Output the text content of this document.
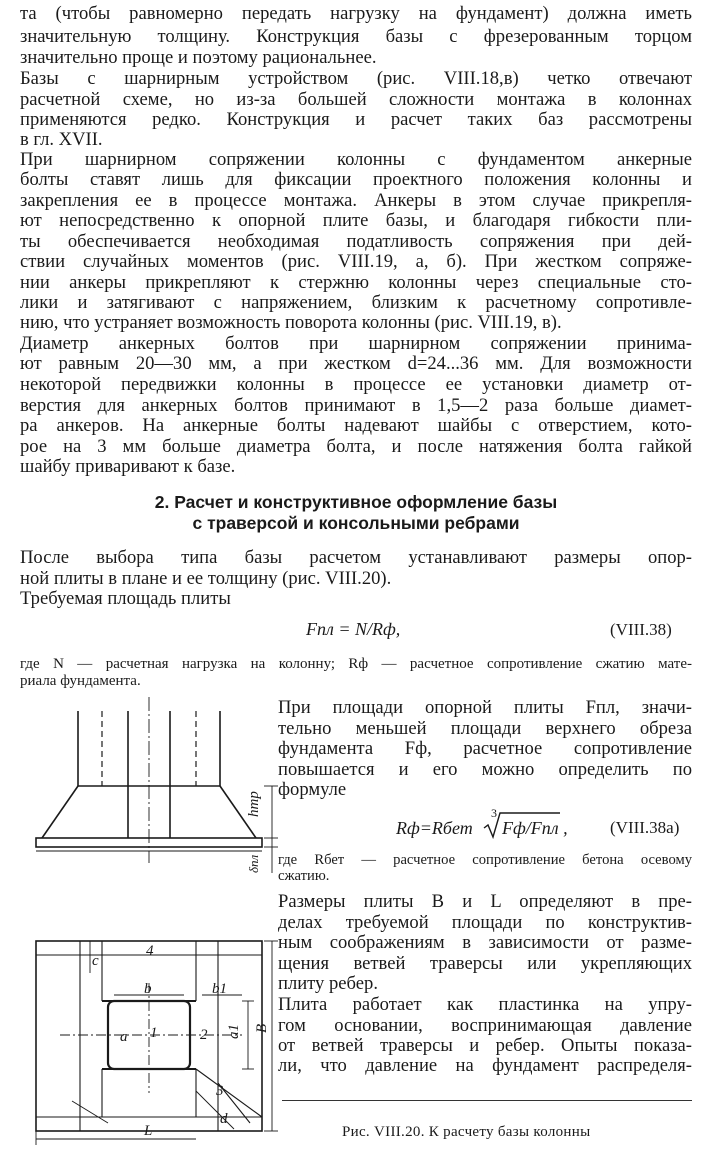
та (чтобы равномерно передать нагрузку на фундамент) должна иметь
значительную толщину. Конструкция базы с фрезерованным торцом
значительно проще и поэтому рациональнее.
Базы с шарнирным устройством (рис. VIII.18,в) четко отвечают
расчетной схеме, но из-за большей сложности монтажа в колоннах
применяются редко. Конструкция и расчет таких баз рассмотрены
в гл. XVII.
При шарнирном сопряжении колонны с фундаментом анкерные
болты ставят лишь для фиксации проектного положения колонны и
закрепления ее в процессе монтажа. Анкеры в этом случае прикрепля-
ют непосредственно к опорной плите базы, и благодаря гибкости пли-
ты обеспечивается необходимая податливость сопряжения при дей-
ствии случайных моментов (рис. VIII.19, а, б). При жестком сопряже-
нии анкеры прикрепляют к стержню колонны через специальные сто-
лики и затягивают с напряжением, близким к расчетному сопротивле-
нию, что устраняет возможность поворота колонны (рис. VIII.19, в).
Диаметр анкерных болтов при шарнирном сопряжении принима-
ют равным 20—30 мм, а при жестком d=24...36 мм. Для возможности
некоторой передвижки колонны в процессе ее установки диаметр от-
верстия для анкерных болтов принимают в 1,5—2 раза больше диамет-
ра анкеров. На анкерные болты надевают шайбы с отверстием, кото-
рое на 3 мм больше диаметра болта, и после натяжения болта гайкой
шайбу приваривают к базе.
2. Расчет и конструктивное оформление базы
с траверсой и консольными ребрами
После выбора типа базы расчетом устанавливают размеры опор-
ной плиты в плане и ее толщину (рис. VIII.20).
Требуемая площадь плиты
Fпл = N/Rф,	(VIII.38)
где N — расчетная нагрузка на колонну; Rф — расчетное сопротивление сжатию мате-
риала фундамента.
При площади опорной плиты Fпл, значи-
тельно меньшей площади верхнего обреза
фундамента Fф, расчетное сопротивление
повышается и его можно определить по
формуле
Rф=Rбет
3
Fф/Fпл , (VIII.38а)
где Rбет — расчетное сопротивление бетона осевому
сжатию.
Размеры плиты B и L определяют в пре-
делах требуемой площади по конструктив-
ным соображениям в зависимости от разме-
щения ветвей траверсы или укрепляющих
плиту ребер.
Плита работает как пластинка на упру-
гом основании, воспринимающая давление
от ветвей траверсы и ребер. Опыты показа-
ли, что давление на фундамент распределя-
Рис. VIII.20. К расчету базы колонны
hтр
δпл
c
b	b1
a	a1 B
L
d
1	2
3
4
